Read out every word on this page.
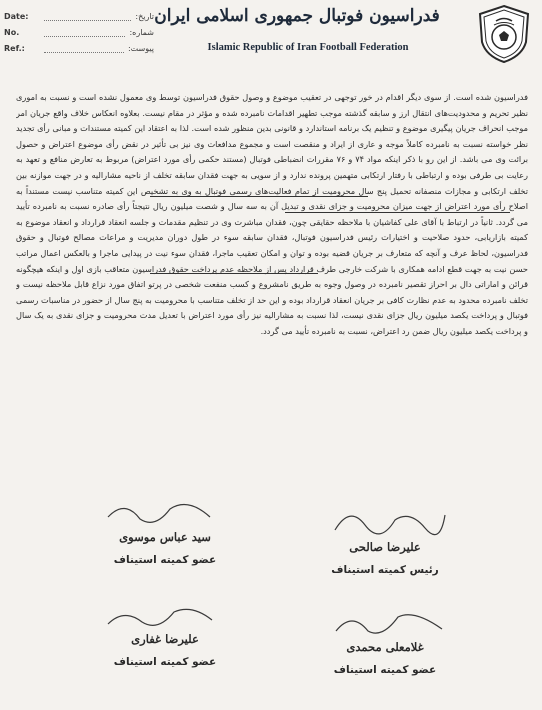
Date:	تاریخ:
No.	شماره:
Ref.:	پیوست:
فدراسیون فوتبال جمهوری اسلامی ایران
Islamic Republic of Iran Football Federation

فدراسیون شده است. از سوی دیگر اقدام در خور توجهی در تعقیب موضوع و وصول حقوق فدراسیون توسط وی معمول نشده است و نسبت به اموری نظیر تحریم و محدودیت‌های انتقال ارز و سابقه گذشته موجب تطهیر اقدامات نامبرده شده و مؤثر در مقام نیست. بعلاوه انعکاس خلاف واقع جریان امر موجب انحراف جریان پیگیری موضوع و تنظیم یک برنامه استاندارد و قانونی بدین منظور شده است. لذا به اعتقاد این کمیته مستندات و مبانی رأی تجدید نظر خواسته نسبت به نامبرده کاملاً موجه و عاری از ایراد و منقصت است و مجموع مدافعات وی نیز بی تأثیر در نقض رأی موضوع اعتراض و حصول برائت وی می باشد. از این رو با ذکر اینکه مواد ۷۴ و ۷۶ مقررات انضباطی فوتبال (مستند حکمی رأی مورد اعتراض) مربوط به تعارض منافع و تعهد به رعایت بی طرفی بوده و ارتباطی با رفتار ارتکابی متهمین پرونده ندارد و از سویی به جهت فقدان سابقه تخلف از ناحیه مشارالیه و در جهت موازنه بین تخلف ارتکابی و مجازات منصفانه تحمیل پنج سال محرومیت از تمام فعالیت‌های رسمی فوتبال به وی به تشخیص این کمیته متناسب نیست مستنداً به اصلاح رأی مورد اعتراض از جهت میزان محرومیت و جزای نقدی و تبدیل آن به سه سال و شصت میلیون ریال نتیجتاً رأی صادره نسبت به نامبرده تأیید می گردد. ثانیاً در ارتباط با آقای علی کفاشیان با ملاحظه حقایقی چون، فقدان مباشرت وی در تنظیم مقدمات و جلسه انعقاد قرارداد و انعقاد موضوع به کمیته بازاریابی، حدود صلاحیت و اختیارات رئیس فدراسیون فوتبال، فقدان سابقه سوء در طول دوران مدیریت و مراعات مصالح فوتبال و حقوق فدراسیون، لحاظ عرف و آنچه که متعارف بر جریان قضیه بوده و توان و امکان تعقیب ماجرا، فقدان سوء نیت در پیدایی ماجرا و بالعکس اعمال مراتب حسن نیت به جهت قطع ادامه همکاری با شرکت خارجی طرف قرارداد پس از ملاحظه عدم پرداخت حقوق فدراسیون متعاقب بازی اول و اینکه هیچگونه قرائن و اماراتی دال بر احراز تقصیر نامبرده در وصول وجوه به طریق نامشروع و کسب منفعت شخصی در پرتو اتفاق مورد نزاع قابل ملاحظه نیست و تخلف نامبرده محدود به عدم نظارت کافی بر جریان انعقاد قرارداد بوده و این حد از تخلف متناسب با محرومیت به پنج سال از حضور در مناسبات رسمی فوتبال و پرداخت یکصد میلیون ریال جزای نقدی نیست، لذا نسبت به مشارالیه نیز رأی مورد اعتراض با تعدیل مدت محرومیت و جزای نقدی به یک سال و پرداخت یکصد میلیون ریال ضمن رد اعتراض، نسبت به نامبرده تأیید می گردد.

علیرضا صالحی
رئیس کمیته استیناف
سید عباس موسوی
عضو کمیته استیناف
غلامعلی محمدی
عضو کمیته استیناف
علیرضا غفاری
عضو کمیته استیناف
